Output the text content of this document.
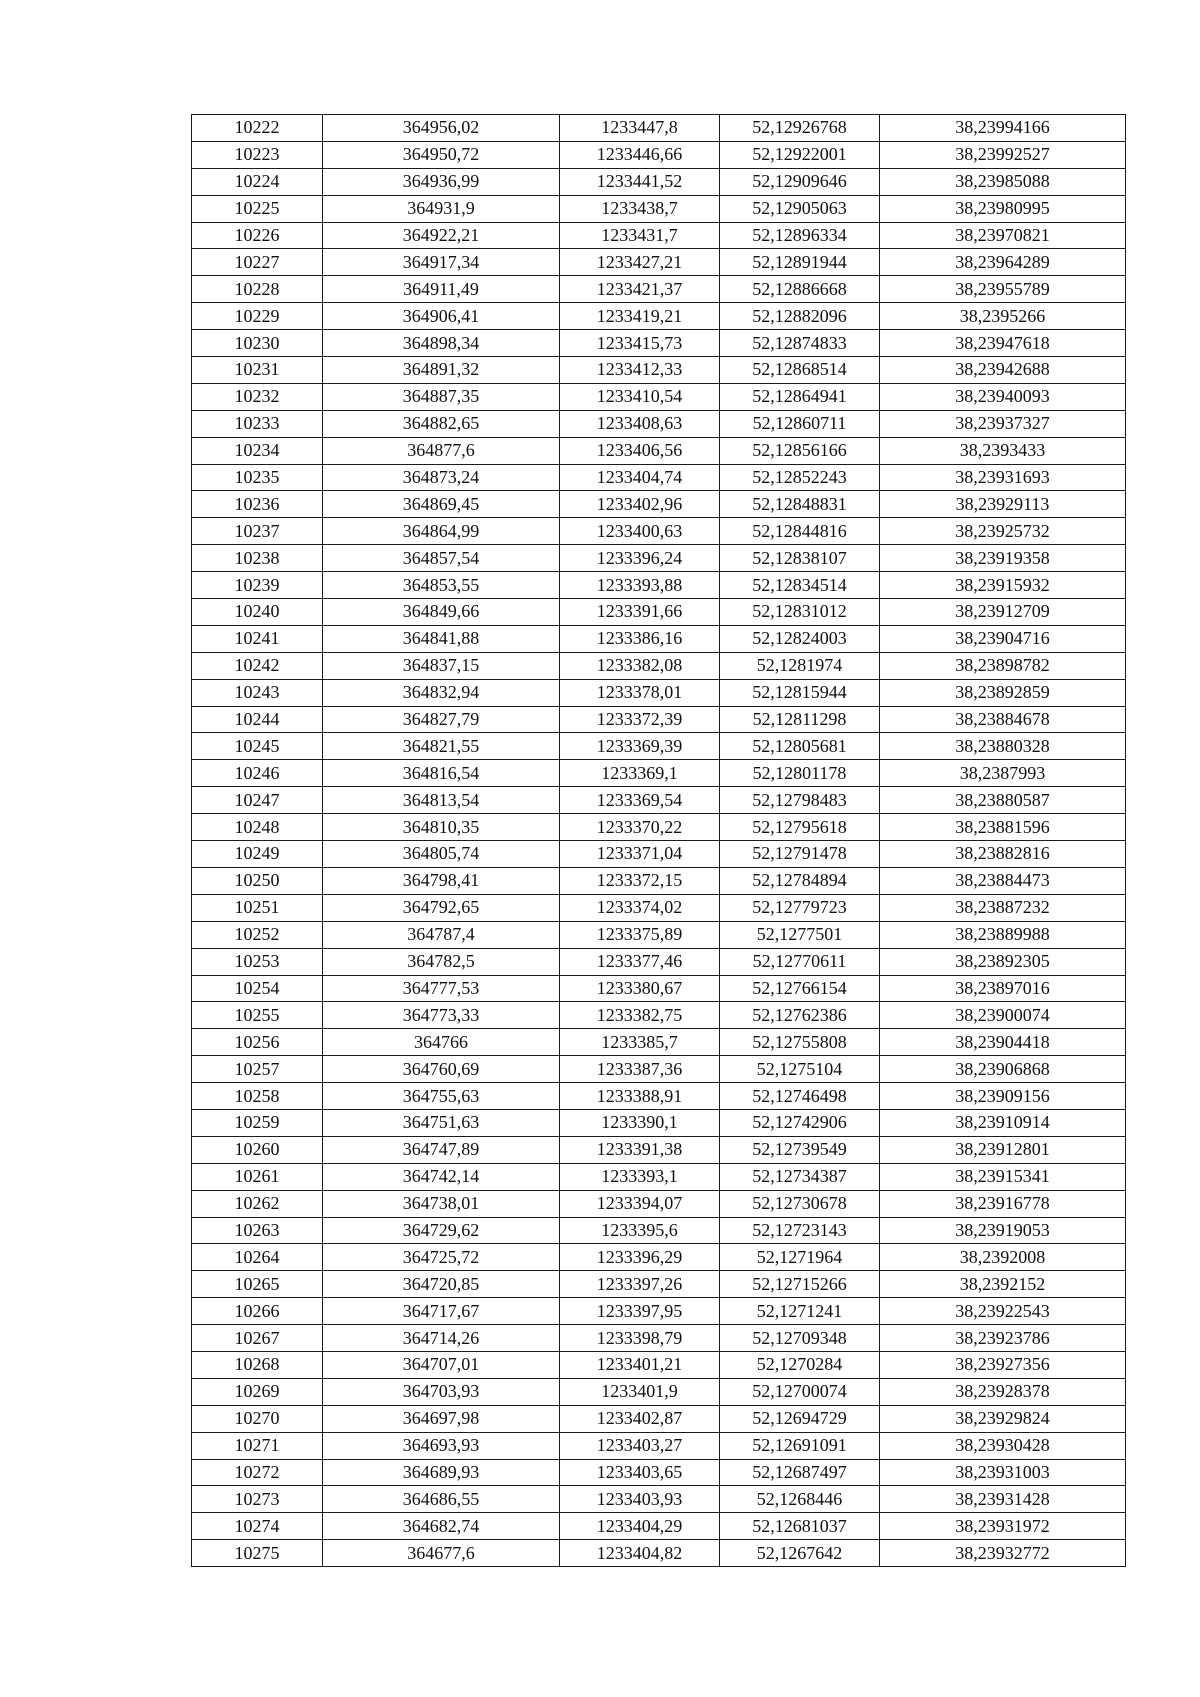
10222	364956,02	1233447,8	52,12926768	38,23994166
10223	364950,72	1233446,66	52,12922001	38,23992527
10224	364936,99	1233441,52	52,12909646	38,23985088
10225	364931,9	1233438,7	52,12905063	38,23980995
10226	364922,21	1233431,7	52,12896334	38,23970821
10227	364917,34	1233427,21	52,12891944	38,23964289
10228	364911,49	1233421,37	52,12886668	38,23955789
10229	364906,41	1233419,21	52,12882096	38,2395266
10230	364898,34	1233415,73	52,12874833	38,23947618
10231	364891,32	1233412,33	52,12868514	38,23942688
10232	364887,35	1233410,54	52,12864941	38,23940093
10233	364882,65	1233408,63	52,12860711	38,23937327
10234	364877,6	1233406,56	52,12856166	38,2393433
10235	364873,24	1233404,74	52,12852243	38,23931693
10236	364869,45	1233402,96	52,12848831	38,23929113
10237	364864,99	1233400,63	52,12844816	38,23925732
10238	364857,54	1233396,24	52,12838107	38,23919358
10239	364853,55	1233393,88	52,12834514	38,23915932
10240	364849,66	1233391,66	52,12831012	38,23912709
10241	364841,88	1233386,16	52,12824003	38,23904716
10242	364837,15	1233382,08	52,1281974	38,23898782
10243	364832,94	1233378,01	52,12815944	38,23892859
10244	364827,79	1233372,39	52,12811298	38,23884678
10245	364821,55	1233369,39	52,12805681	38,23880328
10246	364816,54	1233369,1	52,12801178	38,2387993
10247	364813,54	1233369,54	52,12798483	38,23880587
10248	364810,35	1233370,22	52,12795618	38,23881596
10249	364805,74	1233371,04	52,12791478	38,23882816
10250	364798,41	1233372,15	52,12784894	38,23884473
10251	364792,65	1233374,02	52,12779723	38,23887232
10252	364787,4	1233375,89	52,1277501	38,23889988
10253	364782,5	1233377,46	52,12770611	38,23892305
10254	364777,53	1233380,67	52,12766154	38,23897016
10255	364773,33	1233382,75	52,12762386	38,23900074
10256	364766	1233385,7	52,12755808	38,23904418
10257	364760,69	1233387,36	52,1275104	38,23906868
10258	364755,63	1233388,91	52,12746498	38,23909156
10259	364751,63	1233390,1	52,12742906	38,23910914
10260	364747,89	1233391,38	52,12739549	38,23912801
10261	364742,14	1233393,1	52,12734387	38,23915341
10262	364738,01	1233394,07	52,12730678	38,23916778
10263	364729,62	1233395,6	52,12723143	38,23919053
10264	364725,72	1233396,29	52,1271964	38,2392008
10265	364720,85	1233397,26	52,12715266	38,2392152
10266	364717,67	1233397,95	52,1271241	38,23922543
10267	364714,26	1233398,79	52,12709348	38,23923786
10268	364707,01	1233401,21	52,1270284	38,23927356
10269	364703,93	1233401,9	52,12700074	38,23928378
10270	364697,98	1233402,87	52,12694729	38,23929824
10271	364693,93	1233403,27	52,12691091	38,23930428
10272	364689,93	1233403,65	52,12687497	38,23931003
10273	364686,55	1233403,93	52,1268446	38,23931428
10274	364682,74	1233404,29	52,12681037	38,23931972
10275	364677,6	1233404,82	52,1267642	38,23932772
